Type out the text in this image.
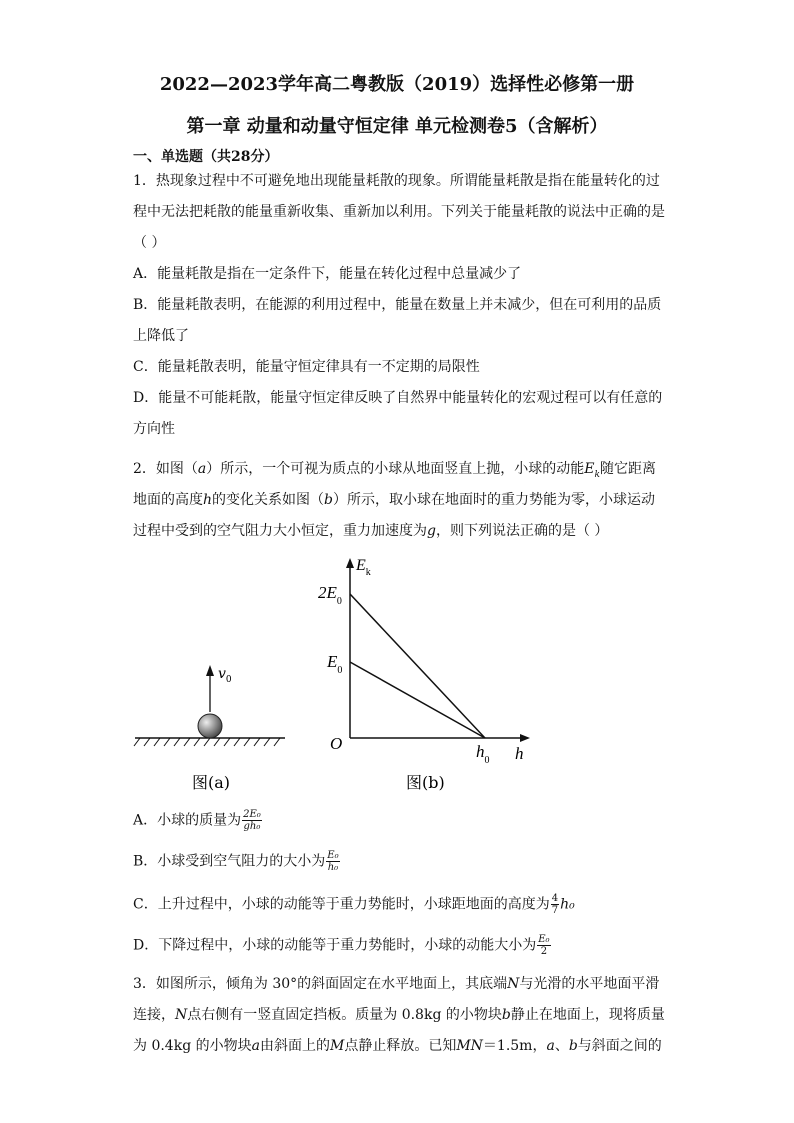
2022—2023学年高二粤教版（2019）选择性必修第一册
第一章 动量和动量守恒定律 单元检测卷5（含解析）
一、单选题（共28分）
1．热现象过程中不可避免地出现能量耗散的现象。所谓能量耗散是指在能量转化的过
程中无法把耗散的能量重新收集、重新加以利用。下列关于能量耗散的说法中正确的是
（ ）
A．能量耗散是指在一定条件下，能量在转化过程中总量减少了
B．能量耗散表明，在能源的利用过程中，能量在数量上并未减少，但在可利用的品质
上降低了
C．能量耗散表明，能量守恒定律具有一不定期的局限性
D．能量不可能耗散，能量守恒定律反映了自然界中能量转化的宏观过程可以有任意的
方向性
2．如图（a）所示，一个可视为质点的小球从地面竖直上抛，小球的动能$E_k$随它距离
地面的高度h的变化关系如图（b）所示，取小球在地面时的重力势能为零，小球运动
过程中受到的空气阻力大小恒定，重力加速度为g，则下列说法正确的是（ ）
$v_0$
图(a)
$E_k$
$2E_0$
$E_0$
O	$h_0$ h
图(b)
A．小球的质量为 $\frac{\text{2E₀}}{\text{gh₀}}$
B．小球受到空气阻力的大小为 $\frac{\text{E₀}}{\text{h₀}}$
C．上升过程中，小球的动能等于重力势能时，小球距地面的高度为 $\frac{4}{7} h_0$
D．下降过程中，小球的动能等于重力势能时，小球的动能大小为 $\frac{\text{E₀}}{2}$
3．如图所示，倾角为 30°的斜面固定在水平地面上，其底端N与光滑的水平地面平滑
连接，N点右侧有一竖直固定挡板。质量为 0.8kg 的小物块b静止在地面上，现将质量
为 0.4kg 的小物块a由斜面上的M点静止释放。已知MN＝1.5m，a、b与斜面之间的
